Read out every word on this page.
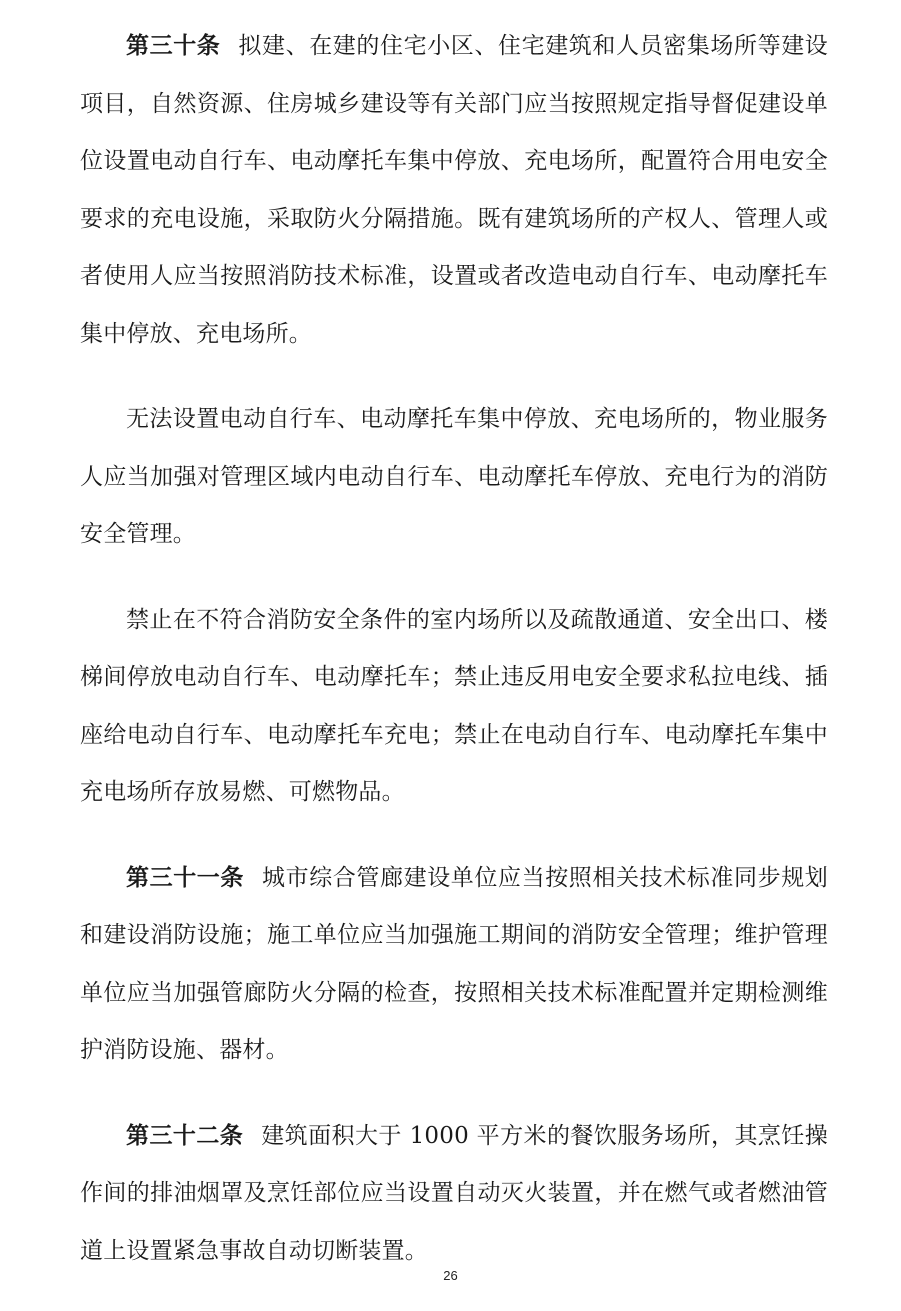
第三十条 拟建、在建的住宅小区、住宅建筑和人员密集场所等建设项目，自然资源、住房城乡建设等有关部门应当按照规定指导督促建设单位设置电动自行车、电动摩托车集中停放、充电场所，配置符合用电安全要求的充电设施，采取防火分隔措施。既有建筑场所的产权人、管理人或者使用人应当按照消防技术标准，设置或者改造电动自行车、电动摩托车集中停放、充电场所。

无法设置电动自行车、电动摩托车集中停放、充电场所的，物业服务人应当加强对管理区域内电动自行车、电动摩托车停放、充电行为的消防安全管理。

禁止在不符合消防安全条件的室内场所以及疏散通道、安全出口、楼梯间停放电动自行车、电动摩托车；禁止违反用电安全要求私拉电线、插座给电动自行车、电动摩托车充电；禁止在电动自行车、电动摩托车集中充电场所存放易燃、可燃物品。

第三十一条 城市综合管廊建设单位应当按照相关技术标准同步规划和建设消防设施；施工单位应当加强施工期间的消防安全管理；维护管理单位应当加强管廊防火分隔的检查，按照相关技术标准配置并定期检测维护消防设施、器材。

第三十二条 建筑面积大于 1000 平方米的餐饮服务场所，其烹饪操作间的排油烟罩及烹饪部位应当设置自动灭火装置，并在燃气或者燃油管道上设置紧急事故自动切断装置。

26
